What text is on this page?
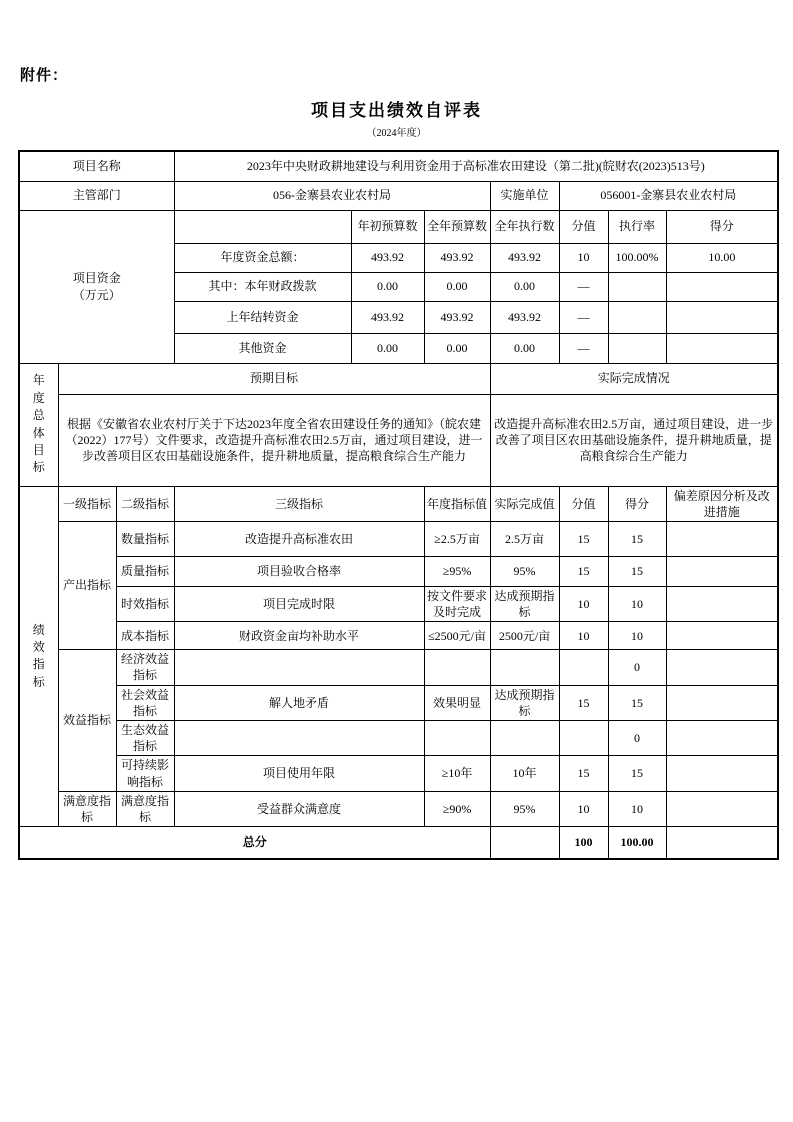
附件：
项目支出绩效自评表
（2024年度）
项目名称			2023年中央财政耕地建设与利用资金用于高标准农田建设（第二批)(皖财农(2023)513号)						
主管部门			056-金寨县农业农村局			实施单位	056001-金寨县农业农村局		

项目资金
（万元）				年初预算数	全年预算数	全年执行数	分值	执行率	得分
			年度资金总额：	493.92	493.92	493.92	10	100.00%	10.00
			其中：本年财政拨款	0.00	0.00	0.00	—		
			上年结转资金	493.92	493.92	493.92	—		
			其他资金	0.00	0.00	0.00	—		

年度总体目标	预期目标					实际完成情况			
	根据《安徽省农业农村厅关于下达2023年度全省农田建设任务的通知》（皖农建（2022）177号）文件要求，改造提升高标准农田2.5万亩，通过项目建设，进一步改善项目区农田基础设施条件，提升耕地质量，提高粮食综合生产能力					改造提升高标准农田2.5万亩，通过项目建设，进一步改善了项目区农田基础设施条件，提升耕地质量，提高粮食综合生产能力			

绩效指标	一级指标	二级指标	三级指标		年度指标值	实际完成值	分值	得分	偏差原因分析及改进措施
	产出指标	数量指标	改造提升高标准农田		≥2.5万亩	2.5万亩	15	15	
		质量指标	项目验收合格率		≥95%	95%	15	15	
		时效指标	项目完成时限		按文件要求及时完成	达成预期指标	10	10	
		成本指标	财政资金亩均补助水平		≤2500元/亩	2500元/亩	10	10	
	效益指标	经济效益指标						0	
		社会效益指标	解人地矛盾		效果明显	达成预期指标	15	15	
		生态效益指标						0	
		可持续影响指标	项目使用年限		≥10年	10年	15	15	
	满意度指标	满意度指标	受益群众满意度		≥90%	95%	10	10	
总分							100	100.00	
